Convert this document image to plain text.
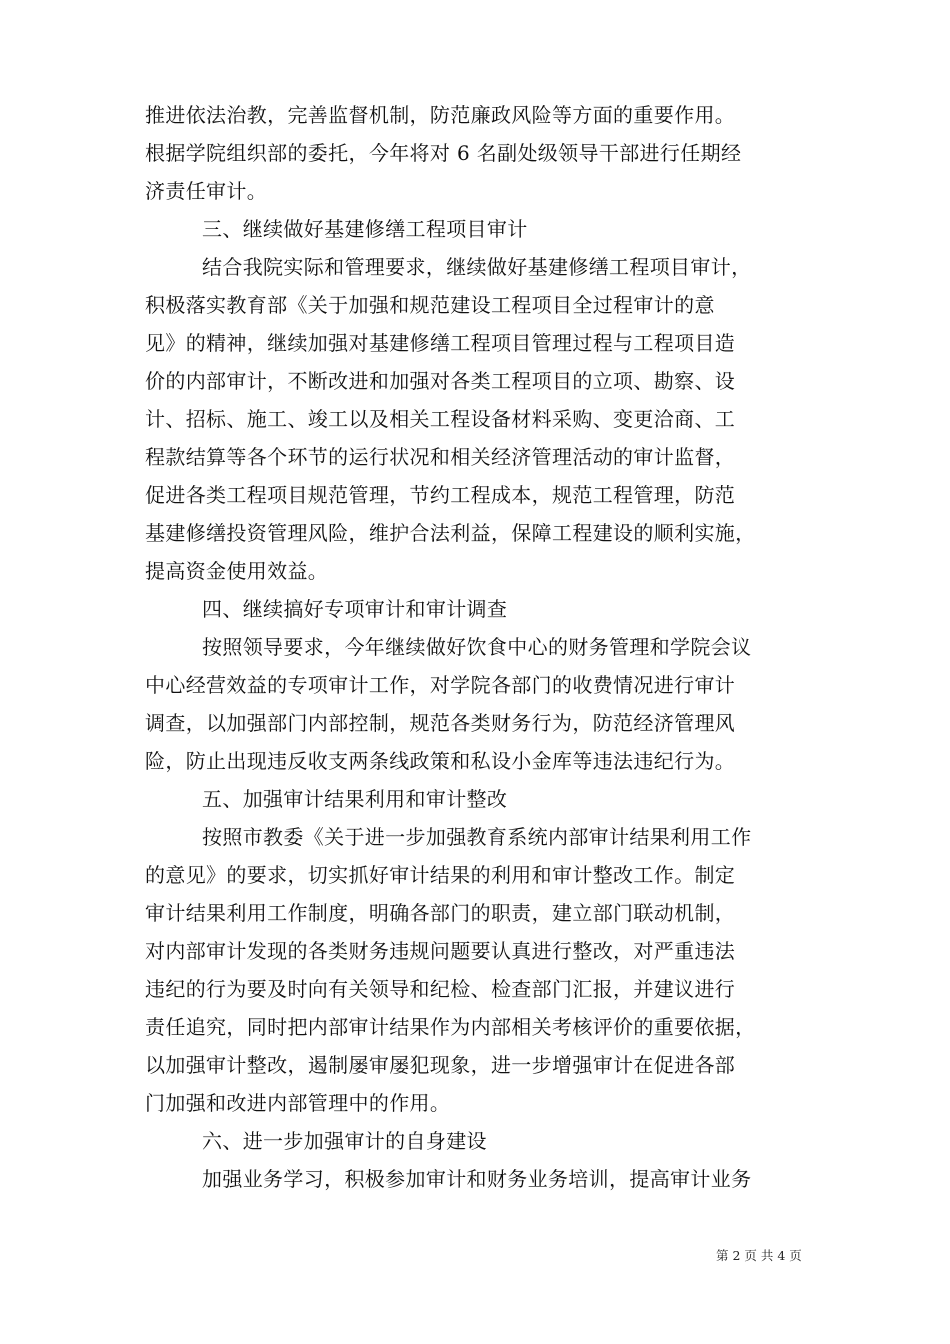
推进依法治教，完善监督机制，防范廉政风险等方面的重要作用。
根据学院组织部的委托，今年将对 6 名副处级领导干部进行任期经
济责任审计。
三、继续做好基建修缮工程项目审计
结合我院实际和管理要求，继续做好基建修缮工程项目审计，
积极落实教育部《关于加强和规范建设工程项目全过程审计的意
见》的精神，继续加强对基建修缮工程项目管理过程与工程项目造
价的内部审计，不断改进和加强对各类工程项目的立项、勘察、设
计、招标、施工、竣工以及相关工程设备材料采购、变更洽商、工
程款结算等各个环节的运行状况和相关经济管理活动的审计监督，
促进各类工程项目规范管理，节约工程成本，规范工程管理，防范
基建修缮投资管理风险，维护合法利益，保障工程建设的顺利实施，
提高资金使用效益。
四、继续搞好专项审计和审计调查
按照领导要求，今年继续做好饮食中心的财务管理和学院会议
中心经营效益的专项审计工作，对学院各部门的收费情况进行审计
调查，以加强部门内部控制，规范各类财务行为，防范经济管理风
险，防止出现违反收支两条线政策和私设小金库等违法违纪行为。
五、加强审计结果利用和审计整改
按照市教委《关于进一步加强教育系统内部审计结果利用工作
的意见》的要求，切实抓好审计结果的利用和审计整改工作。制定
审计结果利用工作制度，明确各部门的职责，建立部门联动机制，
对内部审计发现的各类财务违规问题要认真进行整改，对严重违法
违纪的行为要及时向有关领导和纪检、检查部门汇报，并建议进行
责任追究，同时把内部审计结果作为内部相关考核评价的重要依据，
以加强审计整改，遏制屡审屡犯现象，进一步增强审计在促进各部
门加强和改进内部管理中的作用。
六、进一步加强审计的自身建设
加强业务学习，积极参加审计和财务业务培训，提高审计业务
第 2 页 共 4 页
